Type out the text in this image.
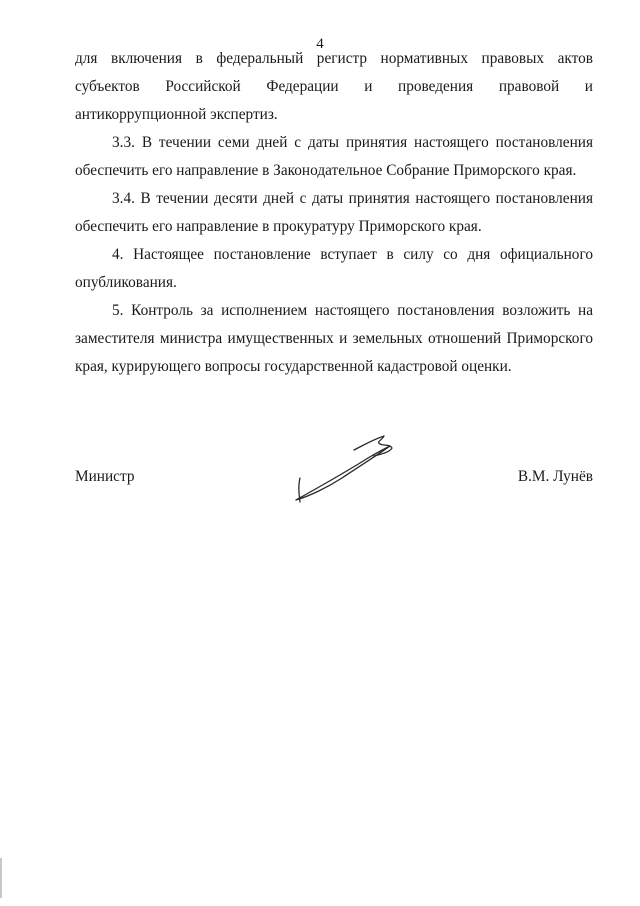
4

для включения в федеральный регистр нормативных правовых актов субъектов Российской Федерации и проведения правовой и антикоррупционной экспертиз.

3.3. В течении семи дней с даты принятия настоящего постановления обеспечить его направление в Законодательное Собрание Приморского края.

3.4. В течении десяти дней с даты принятия настоящего постановления обеспечить его направление в прокуратуру Приморского края.

4. Настоящее постановление вступает в силу со дня официального опубликования.

5. Контроль за исполнением настоящего постановления возложить на заместителя министра имущественных и земельных отношений Приморского края, курирующего вопросы государственной кадастровой оценки.

Министр	В.М. Лунёв
